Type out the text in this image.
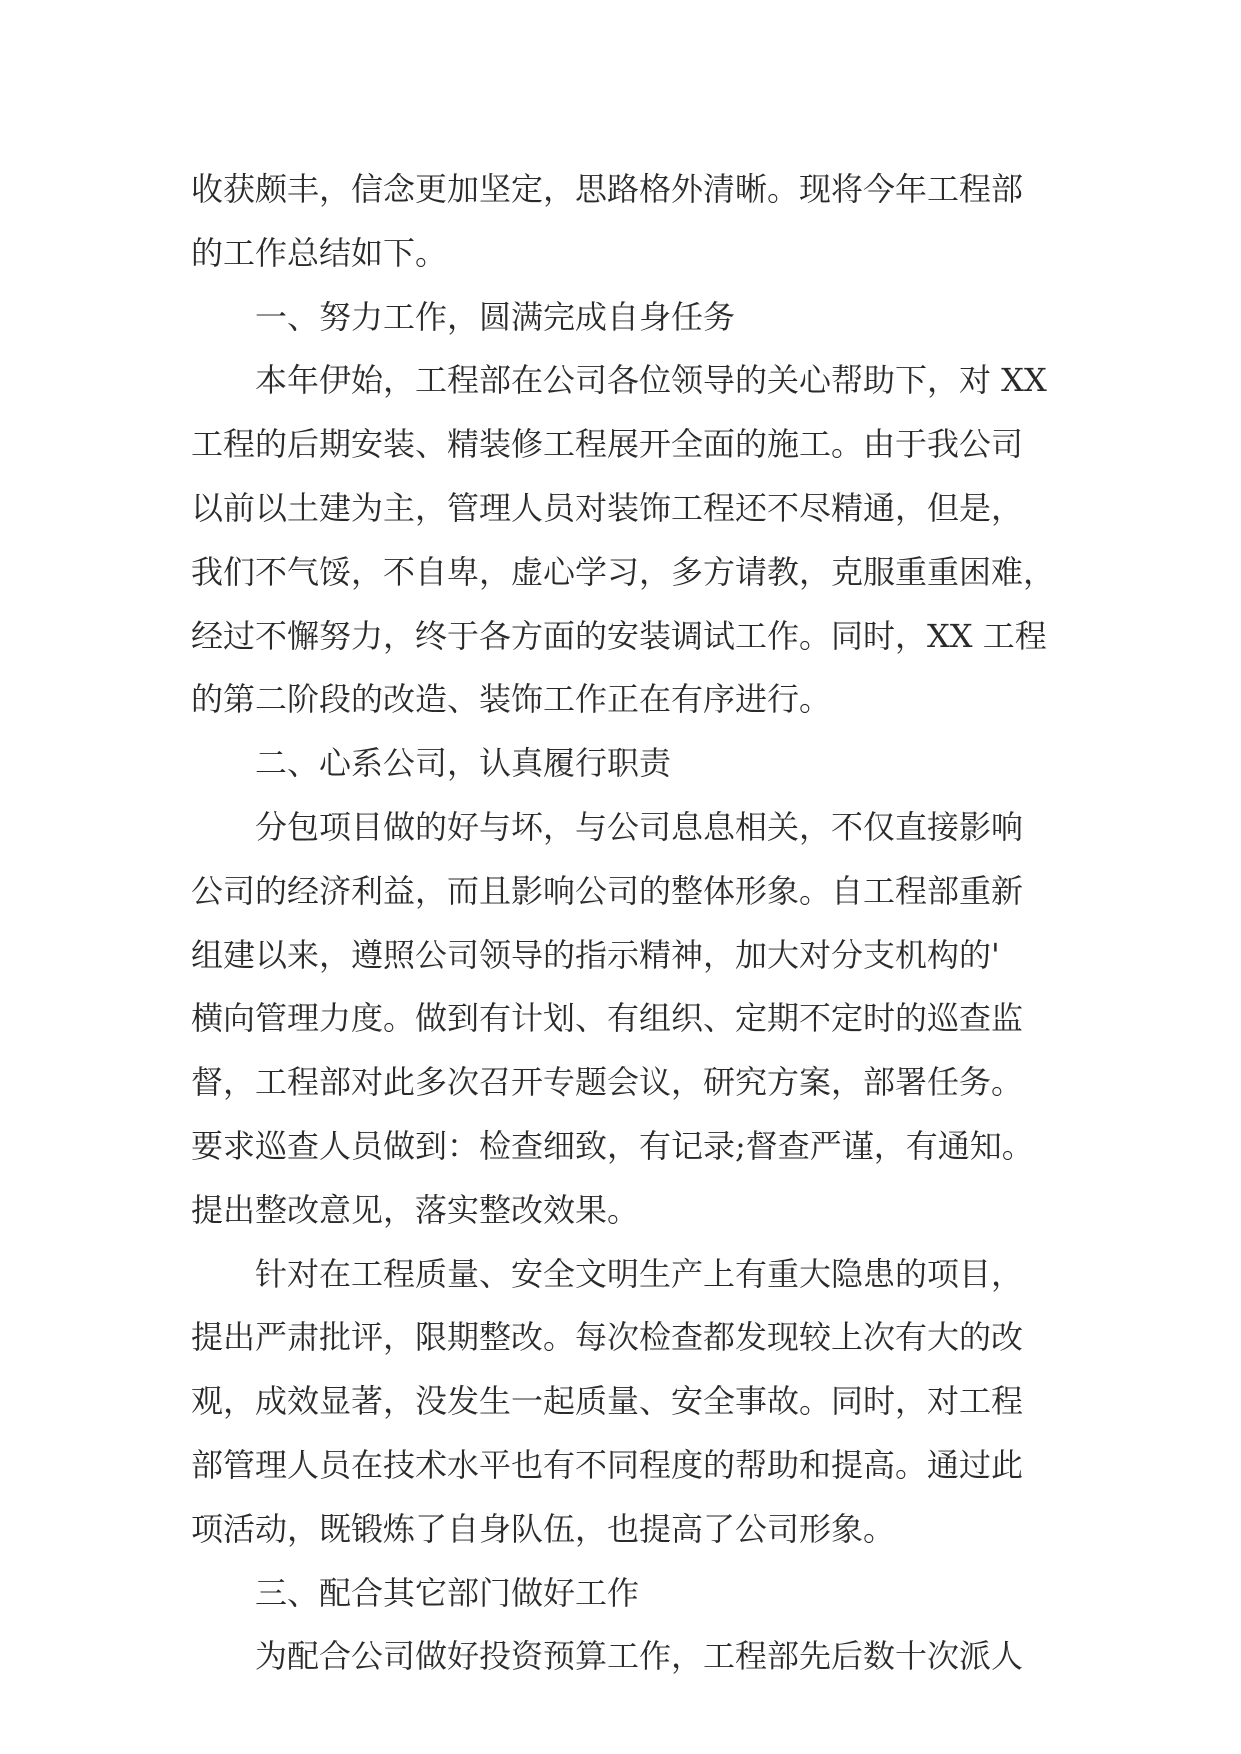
收获颇丰，信念更加坚定，思路格外清晰。现将今年工程部
的工作总结如下。
一、努力工作，圆满完成自身任务
本年伊始，工程部在公司各位领导的关心帮助下，对 XX
工程的后期安装、精装修工程展开全面的施工。由于我公司
以前以土建为主，管理人员对装饰工程还不尽精通，但是，
我们不气馁，不自卑，虚心学习，多方请教，克服重重困难，
经过不懈努力，终于各方面的安装调试工作。同时，XX 工程
的第二阶段的改造、装饰工作正在有序进行。
二、心系公司，认真履行职责
分包项目做的好与坏，与公司息息相关，不仅直接影响
公司的经济利益，而且影响公司的整体形象。自工程部重新
组建以来，遵照公司领导的指示精神，加大对分支机构的'
横向管理力度。做到有计划、有组织、定期不定时的巡查监
督，工程部对此多次召开专题会议，研究方案，部署任务。
要求巡查人员做到：检查细致，有记录;督查严谨，有通知。
提出整改意见，落实整改效果。
针对在工程质量、安全文明生产上有重大隐患的项目，
提出严肃批评，限期整改。每次检查都发现较上次有大的改
观，成效显著，没发生一起质量、安全事故。同时，对工程
部管理人员在技术水平也有不同程度的帮助和提高。通过此
项活动，既锻炼了自身队伍，也提高了公司形象。
三、配合其它部门做好工作
为配合公司做好投资预算工作，工程部先后数十次派人
